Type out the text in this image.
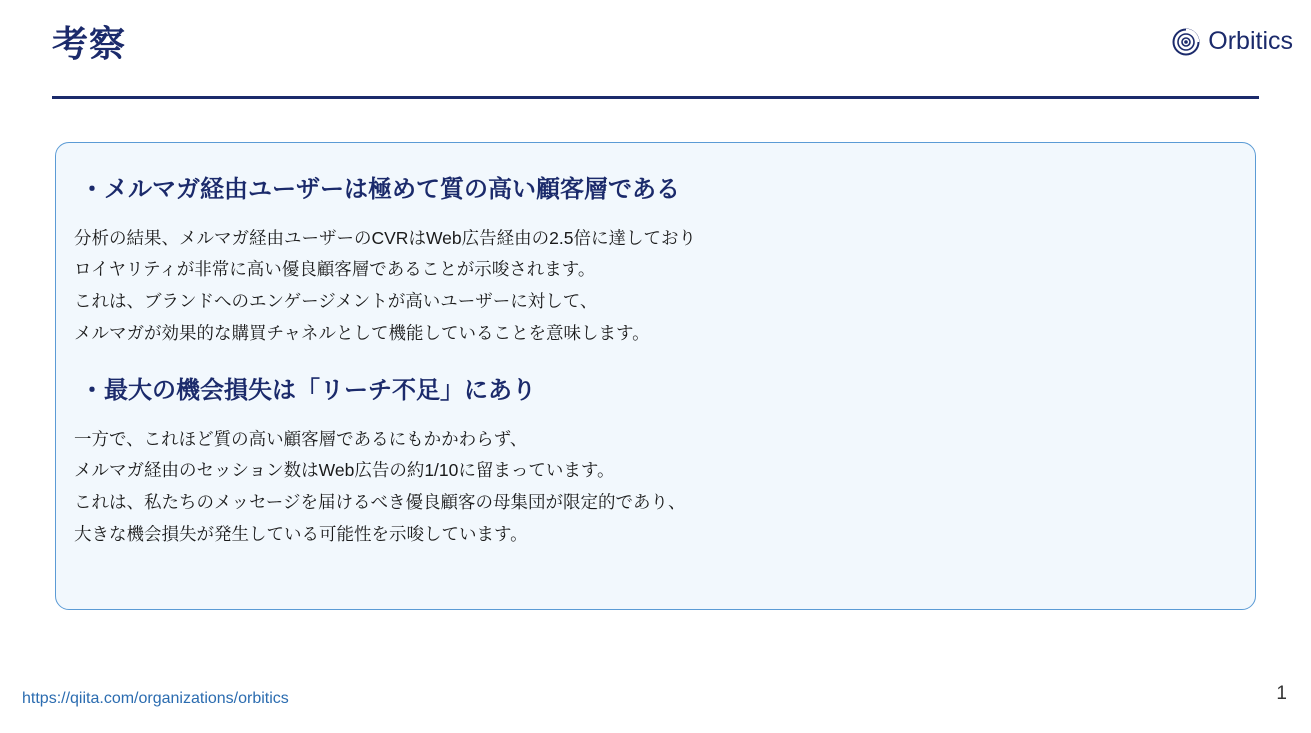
考察	Orbitics
・メルマガ経由ユーザーは極めて質の高い顧客層である
分析の結果、メルマガ経由ユーザーのCVRはWeb広告経由の2.5倍に達しており
ロイヤリティが非常に高い優良顧客層であることが示唆されます。
これは、ブランドへのエンゲージメントが高いユーザーに対して、
メルマガが効果的な購買チャネルとして機能していることを意味します。
・最大の機会損失は「リーチ不足」にあり
一方で、これほど質の高い顧客層であるにもかかわらず、
メルマガ経由のセッション数はWeb広告の約1/10に留まっています。
これは、私たちのメッセージを届けるべき優良顧客の母集団が限定的であり、
大きな機会損失が発生している可能性を示唆しています。
https://qiita.com/organizations/orbitics	1
